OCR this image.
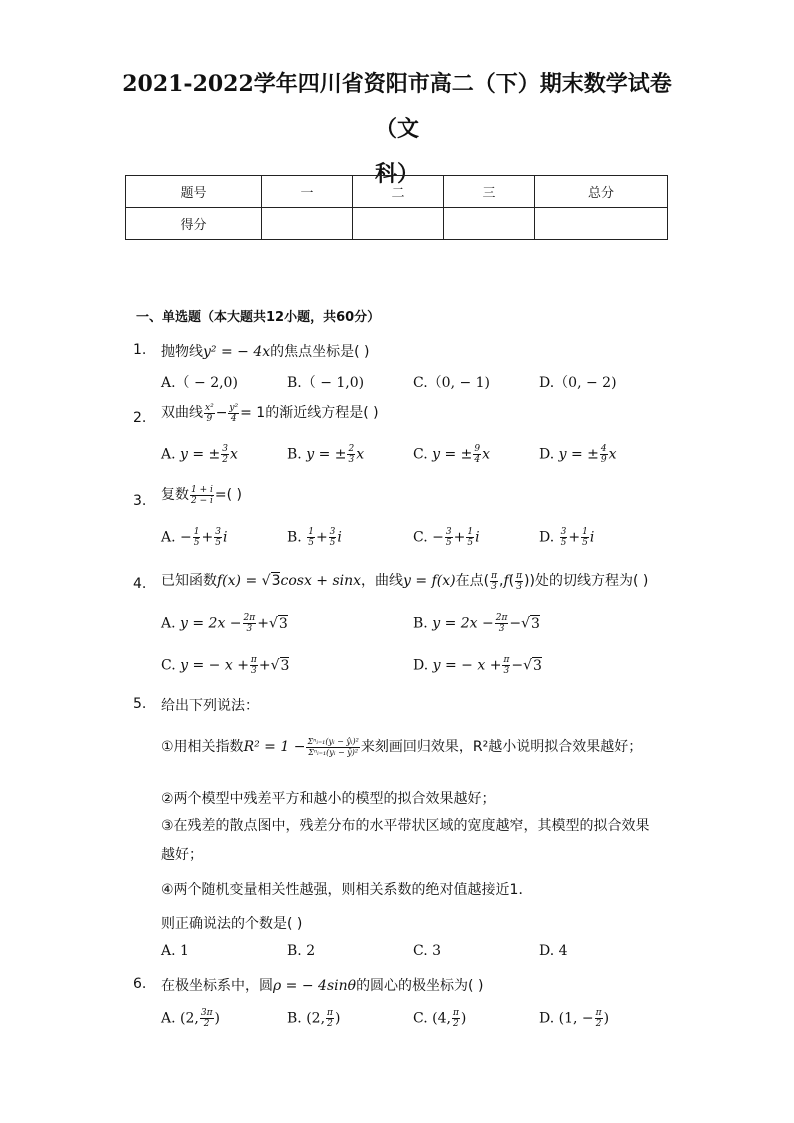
2021-2022学年四川省资阳市高二（下）期末数学试卷（文
科）
题号	一	二	三	总分
得分				
一、单选题（本大题共12小题，共60分）
1. 抛物线y² = − 4x的焦点坐标是( )
A.（ − 2,0)	B.（ − 1,0)	C.（0, − 1)	D.（0, − 2)
2. 双曲线 $\frac{\text{x²}}{9} - \frac{\text{y²}}{4} = 1$的渐近线方程是( )
A. y = ± $\frac{3}{2}$ x	B. y = ± $\frac{2}{3}$ x	C. y = ± $\frac{9}{4}$ x	D. y = ± $\frac{4}{9}$ x
3. 复数 $\frac{1 + i}{2 - i}$ =( )
A. − $\frac{1}{5} + \frac{3}{5}$ i	B. $\frac{1}{5} + \frac{3}{5}$ i	C. − $\frac{3}{5} + \frac{1}{5}$ i	D. $\frac{3}{5} + \frac{1}{5}$ i
4. 已知函数f(x) = √3cosx + sinx，曲线y = f(x)在点( $\frac{\pi}{3} ,f( \frac{\pi}{3}$ ))处的切线方程为( )
A. $y = 2x - \frac{2\pi}{3} +√3$	B. $y = 2x - \frac{2\pi}{3} -√3$
C. y = − $x + \frac{\pi}{3} +√3$	D. y = − $x + \frac{\pi}{3} -√3$
5. 给出下列说法：
①用相关指数$R^2 = 1 - \frac{\text{Σⁿᵢ₌₁(yᵢ − ŷᵢ)²}}{\text{Σⁿᵢ₌₁(yᵢ − ȳ)²}}$ 来刻画回归效果，R²越小说明拟合效果越好；
②两个模型中残差平方和越小的模型的拟合效果越好；
③在残差的散点图中，残差分布的水平带状区域的宽度越窄，其模型的拟合效果越好；
④两个随机变量相关性越强，则相关系数的绝对值越接近1．
则正确说法的个数是( )
A. 1	B. 2	C. 3	D. 4
6. 在极坐标系中，圆ρ = − 4sinθ的圆心的极坐标为( )
A. (2, $\frac{3\pi}{2}$ )	B. (2, $\frac{\pi}{2}$ )	C. (4, $\frac{\pi}{2}$ )	D. (1, − $\frac{\pi}{2}$ )
